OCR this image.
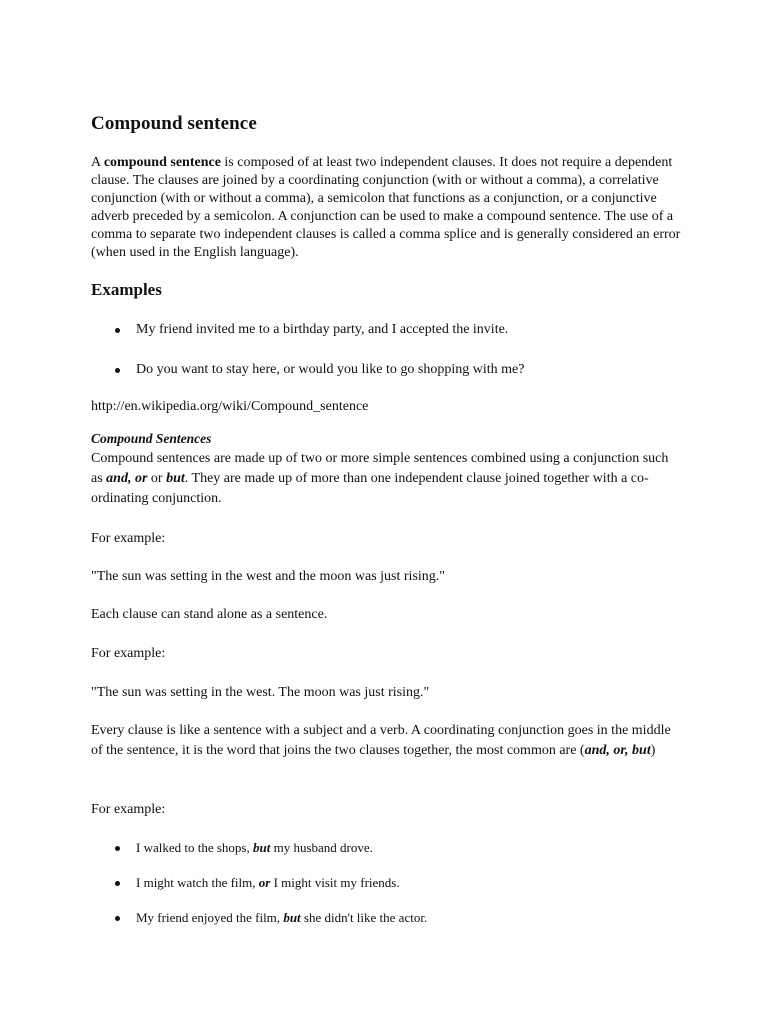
Compound sentence

A compound sentence is composed of at least two independent clauses. It does not require a dependent clause. The clauses are joined by a coordinating conjunction (with or without a comma), a correlative conjunction (with or without a comma), a semicolon that functions as a conjunction, or a conjunctive adverb preceded by a semicolon. A conjunction can be used to make a compound sentence. The use of a comma to separate two independent clauses is called a comma splice and is generally considered an error (when used in the English language).

Examples
My friend invited me to a birthday party, and I accepted the invite.
Do you want to stay here, or would you like to go shopping with me?

http://en.wikipedia.org/wiki/Compound_sentence

Compound Sentences

Compound sentences are made up of two or more simple sentences combined using a conjunction such as and, or or but. They are made up of more than one independent clause joined together with a co-ordinating conjunction.

For example:

"The sun was setting in the west and the moon was just rising."

Each clause can stand alone as a sentence.

For example:

"The sun was setting in the west. The moon was just rising."

Every clause is like a sentence with a subject and a verb. A coordinating conjunction goes in the middle of the sentence, it is the word that joins the two clauses together, the most common are (and, or, but)

For example:

I walked to the shops, but my husband drove.
I might watch the film, or I might visit my friends.
My friend enjoyed the film, but she didn't like the actor.
